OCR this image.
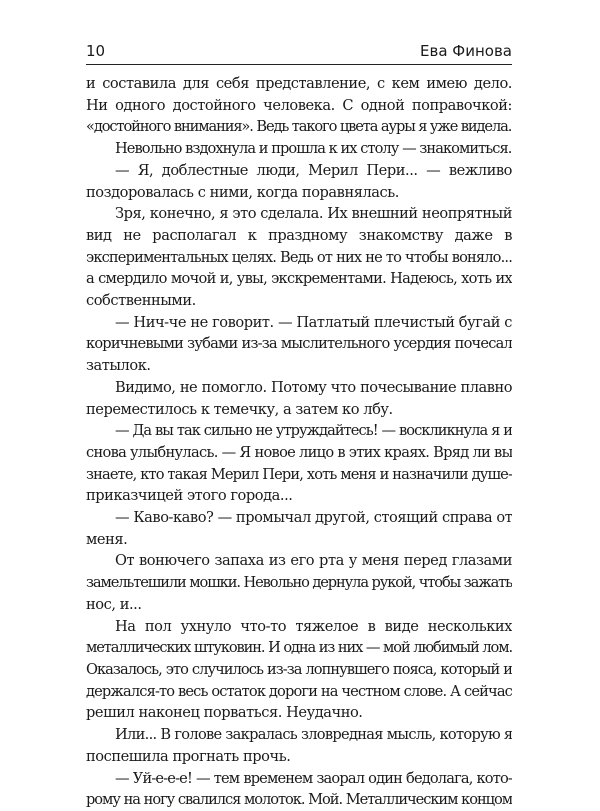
10	Ева Финова

и составила для себя представление, с кем имею дело.

Ни одного достойного человека. С одной поправочкой:

«достойного внимания». Ведь такого цвета ауры я уже видела.

Невольно вздохнула и прошла к их столу — знакомиться.

— Я, доблестные люди, Мерил Пери... — вежливо

поздоровалась с ними, когда поравнялась.

Зря, конечно, я это сделала. Их внешний неопрятный

вид не располагал к праздному знакомству даже в

экспериментальных целях. Ведь от них не то чтобы воняло...

а смердило мочой и, увы, экскрементами. Надеюсь, хоть их

собственными.

— Нич-че не говорит. — Патлатый плечистый бугай с

коричневыми зубами из-за мыслительного усердия почесал

затылок.

Видимо, не помогло. Потому что почесывание плавно

переместилось к темечку, а затем ко лбу.

— Да вы так сильно не утруждайтесь! — воскликнула я и

снова улыбнулась. — Я новое лицо в этих краях. Вряд ли вы

знаете, кто такая Мерил Пери, хоть меня и назначили душе-

приказчицей этого города...

— Каво-каво? — промычал другой, стоящий справа от

меня.

От вонючего запаха из его рта у меня перед глазами

замельтешили мошки. Невольно дернула рукой, чтобы зажать

нос, и...

На пол ухнуло что-то тяжелое в виде нескольких

металлических штуковин. И одна из них — мой любимый лом.

Оказалось, это случилось из-за лопнувшего пояса, который и

держался-то весь остаток дороги на честном слове. А сейчас

решил наконец порваться. Неудачно.

Или... В голове закралась зловредная мысль, которую я

поспешила прогнать прочь.

— Уй-е-е-е! — тем временем заорал один бедолага, кото-

рому на ногу свалился молоток. Мой. Металлическим концом
